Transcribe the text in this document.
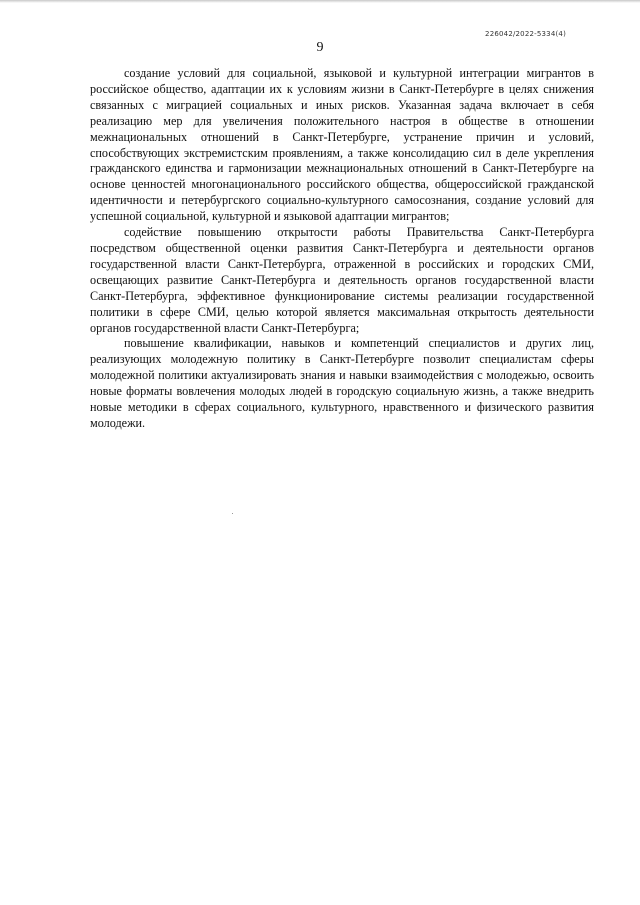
226042/2022-5334(4)
9

создание условий для социальной, языковой и культурной интеграции мигрантов в российское общество, адаптации их к условиям жизни в Санкт-Петербурге в целях снижения связанных с миграцией социальных и иных рисков. Указанная задача включает в себя реализацию мер для увеличения положительного настроя в обществе в отношении межнациональных отношений в Санкт-Петербурге, устранение причин и условий, способствующих экстремистским проявлениям, а также консолидацию сил в деле укрепления гражданского единства и гармонизации межнациональных отношений в Санкт-Петербурге на основе ценностей многонационального российского общества, общероссийской гражданской идентичности и петербургского социально-культурного самосознания, создание условий для успешной социальной, культурной и языковой адаптации мигрантов;

содействие повышению открытости работы Правительства Санкт-Петербурга посредством общественной оценки развития Санкт-Петербурга и деятельности органов государственной власти Санкт-Петербурга, отраженной в российских и городских СМИ, освещающих развитие Санкт-Петербурга и деятельность органов государственной власти Санкт-Петербурга, эффективное функционирование системы реализации государственной политики в сфере СМИ, целью которой является максимальная открытость деятельности органов государственной власти Санкт-Петербурга;

повышение квалификации, навыков и компетенций специалистов и других лиц, реализующих молодежную политику в Санкт-Петербурге позволит специалистам сферы молодежной политики актуализировать знания и навыки взаимодействия с молодежью, освоить новые форматы вовлечения молодых людей в городскую социальную жизнь, а также внедрить новые методики в сферах социального, культурного, нравственного и физического развития молодежи.
